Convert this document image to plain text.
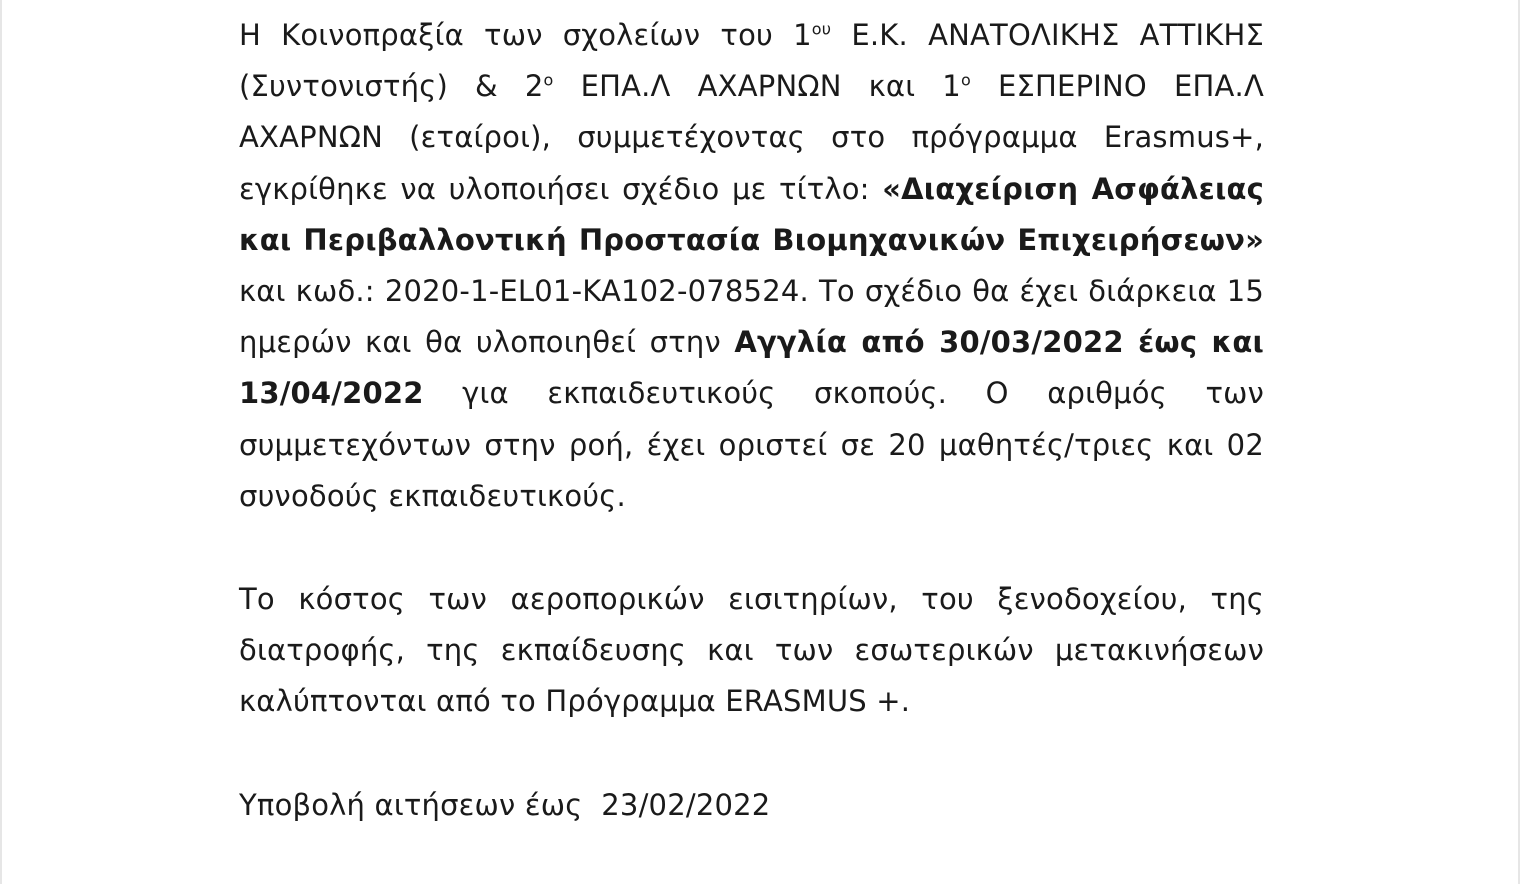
Η Κοινοπραξία των σχολείων του $1^{o\upsilon}$ Ε.Κ. ΑΝΑΤΟΛΙΚΗΣ ΑΤΤΙΚΗΣ (Συντονιστής) & $2^o$ ΕΠΑ.Λ ΑΧΑΡΝΩΝ και $1^o$ ΕΣΠΕΡΙΝΟ ΕΠΑ.Λ ΑΧΑΡΝΩΝ (εταίροι), συμμετέχοντας στο πρόγραμμα Erasmus+, εγκρίθηκε να υλοποιήσει σχέδιο με τίτλο: «Διαχείριση Ασφάλειας και Περιβαλλοντική Προστασία Βιομηχανικών Επιχειρήσεων» και κωδ.: 2020-1-EL01-KA102-078524. Το σχέδιο θα έχει διάρκεια 15 ημερών και θα υλοποιηθεί στην Αγγλία από 30/03/2022 έως και 13/04/2022 για εκπαιδευτικούς σκοπούς. Ο αριθμός των συμμετεχόντων στην ροή, έχει οριστεί σε 20 μαθητές/τριες και 02 συνοδούς εκπαιδευτικούς.

Το κόστος των αεροπορικών εισιτηρίων, του ξενοδοχείου, της διατροφής, της εκπαίδευσης και των εσωτερικών μετακινήσεων καλύπτονται από το Πρόγραμμα ERASMUS +.

Υποβολή αιτήσεων έως  23/02/2022
